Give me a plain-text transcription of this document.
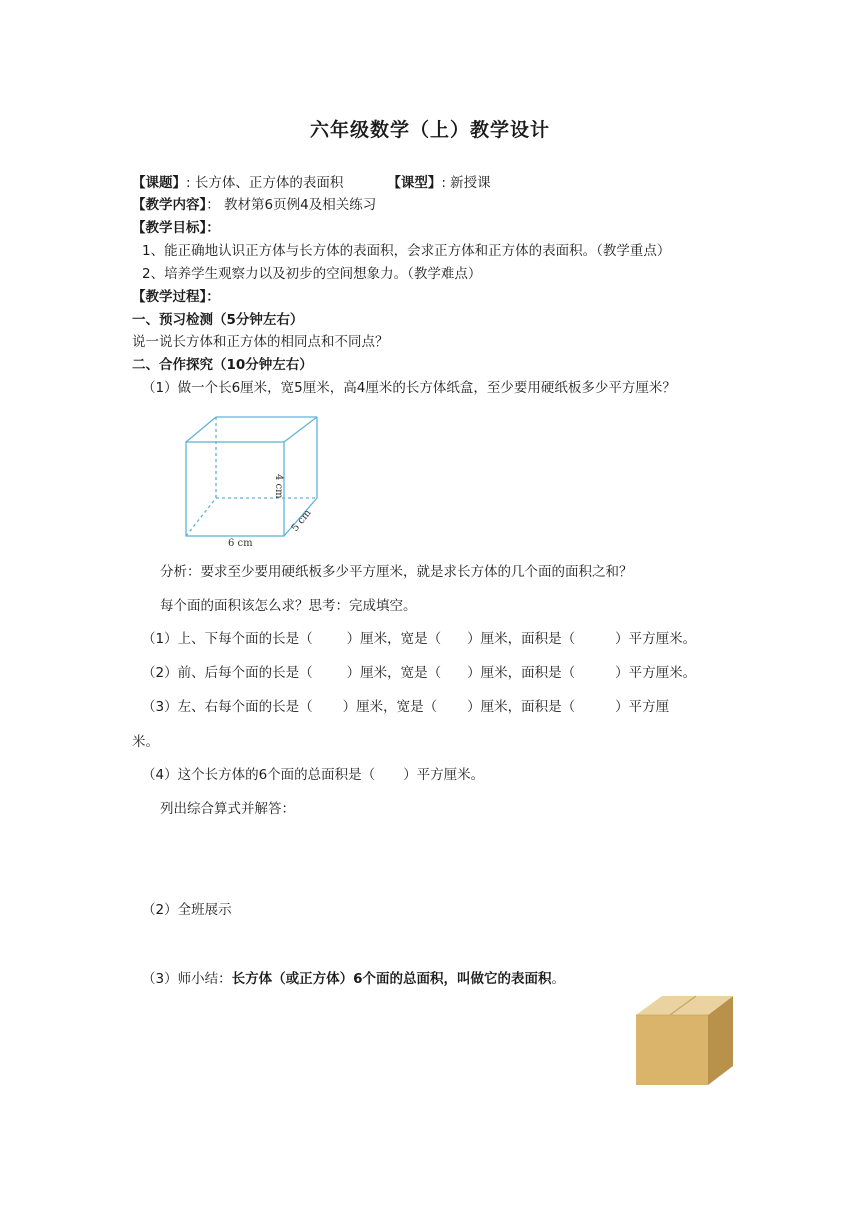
六年级数学（上）教学设计
【课题】: 长方体、正方体的表面积	【课型】: 新授课
【教学内容】： 教材第6页例4及相关练习
【教学目标】：
1、能正确地认识正方体与长方体的表面积，会求正方体和正方体的表面积。（教学重点）
2、培养学生观察力以及初步的空间想象力。（教学难点）
【教学过程】：
一、预习检测（5分钟左右）
说一说长方体和正方体的相同点和不同点？
二、合作探究（10分钟左右）
（1）做一个长6厘米，宽5厘米，高4厘米的长方体纸盒，至少要用硬纸板多少平方厘米？
6 cm
4 cm
5 cm
分析：要求至少要用硬纸板多少平方厘米，就是求长方体的几个面的面积之和？
每个面的面积该怎么求？思考：完成填空。
（1）上、下每个面的长是（	）厘米，宽是（ ）厘米，面积是（	）平方厘米。
（2）前、后每个面的长是（	）厘米，宽是（ ）厘米，面积是（	）平方厘米。
（3）左、右每个面的长是（ ）厘米，宽是（ ）厘米，面积是（	）平方厘
米。
（4）这个长方体的6个面的总面积是（ ）平方厘米。
列出综合算式并解答：
（2）全班展示
（3）师小结：长方体（或正方体）6个面的总面积，叫做它的表面积。
